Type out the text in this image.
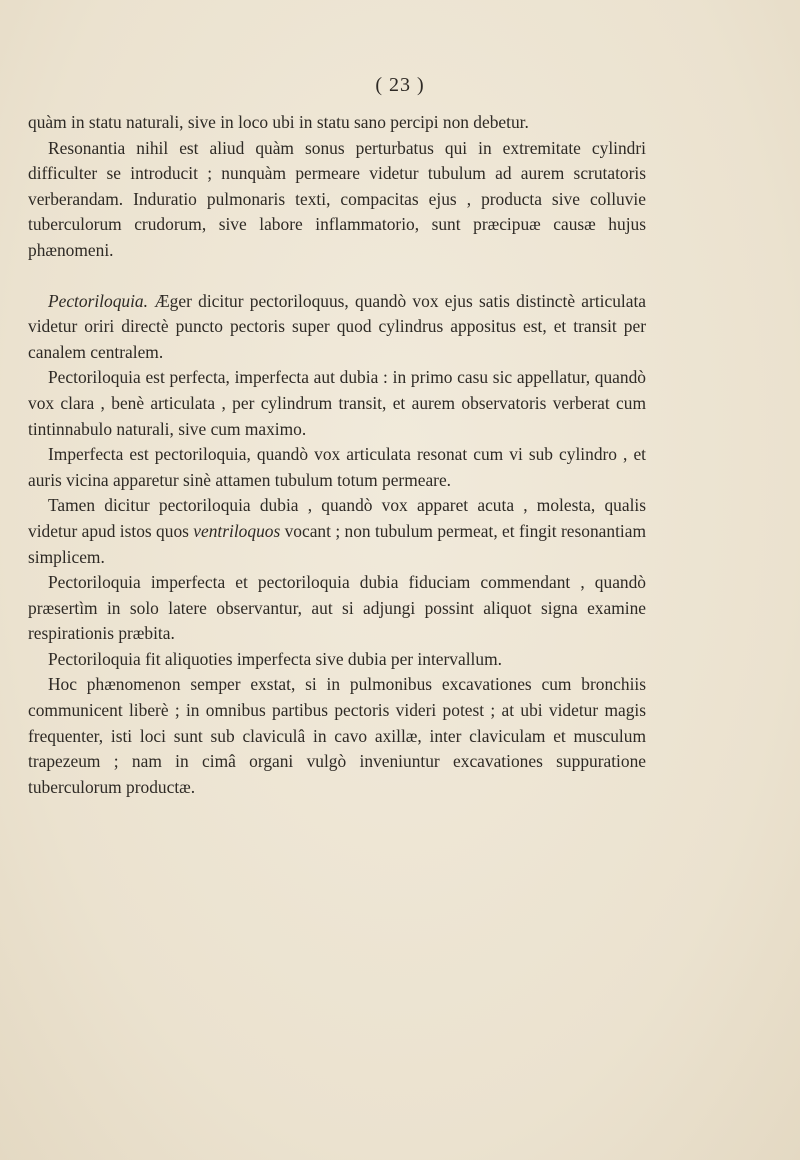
( 23 )

quàm in statu naturali, sive in loco ubi in statu sano percipi non debetur.

Resonantia nihil est aliud quàm sonus perturbatus qui in extremitate cylindri difficulter se introducit ; nunquàm permeare videtur tubulum ad aurem scrutatoris verberandam. Induratio pulmonaris texti, compacitas ejus , producta sive colluvie tuberculorum crudorum, sive labore inflammatorio, sunt præcipuæ causæ hujus phænomeni.

Pectoriloquia. Æger dicitur pectoriloquus, quandò vox ejus satis distinctè articulata videtur oriri directè puncto pectoris super quod cylindrus appositus est, et transit per canalem centralem.

Pectoriloquia est perfecta, imperfecta aut dubia : in primo casu sic appellatur, quandò vox clara , benè articulata , per cylindrum transit, et aurem observatoris verberat cum tintinnabulo naturali, sive cum maximo.

Imperfecta est pectoriloquia, quandò vox articulata resonat cum vi sub cylindro , et auris vicina apparetur sinè attamen tubulum totum permeare.

Tamen dicitur pectoriloquia dubia , quandò vox apparet acuta , molesta, qualis videtur apud istos quos ventriloquos vocant ; non tubulum permeat, et fingit resonantiam simplicem.

Pectoriloquia imperfecta et pectoriloquia dubia fiduciam commendant , quandò præsertìm in solo latere observantur, aut si adjungi possint aliquot signa examine respirationis præbita.

Pectoriloquia fit aliquoties imperfecta sive dubia per intervallum.

Hoc phænomenon semper exstat, si in pulmonibus excavationes cum bronchiis communicent liberè ; in omnibus partibus pectoris videri potest ; at ubi videtur magis frequenter, isti loci sunt sub claviculâ in cavo axillæ, inter claviculam et musculum trapezeum ; nam in cimâ organi vulgò inveniuntur excavationes suppuratione tuberculorum productæ.
